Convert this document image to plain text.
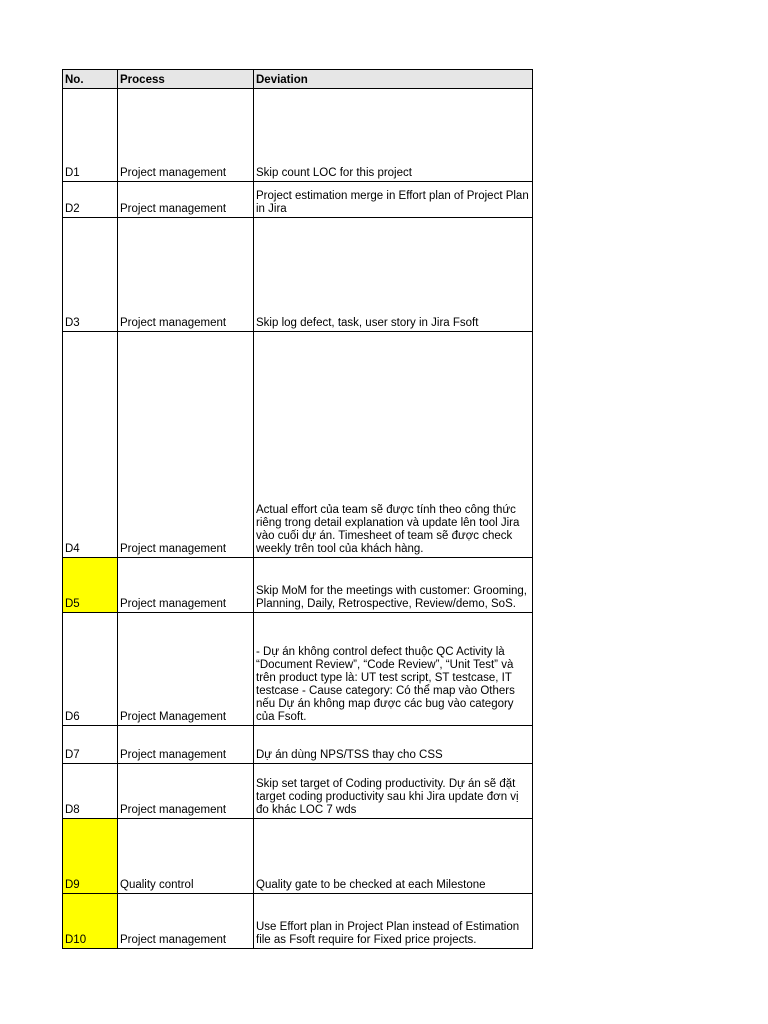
No.	Process	Deviation
D1	Project management	Skip count LOC for this project
D2	Project management	Project estimation merge in Effort plan of Project Plan in Jira
D3	Project management	Skip log defect, task, user story in Jira Fsoft
D4	Project management	Actual effort của team sẽ được tính theo công thức riêng trong detail explanation và update lên tool Jira vào cuối dự án. Timesheet of team sẽ được check weekly trên tool của khách hàng.
D5	Project management	Skip MoM for the meetings with customer: Grooming, Planning, Daily, Retrospective, Review/demo, SoS.
D6	Project Management	- Dự án không control defect thuộc QC Activity là “Document Review”, “Code Review”, “Unit Test” và trên product type là: UT test script, ST testcase, IT testcase - Cause category: Có thể map vào Others nếu Dự án không map được các bug vào category của Fsoft.
D7	Project management	Dự án dùng NPS/TSS thay cho CSS
D8	Project management	Skip set target of Coding productivity. Dự án sẽ đặt target coding productivity sau khi Jira update đơn vị đo khác LOC 7 wds
D9	Quality control	Quality gate to be checked at each Milestone
D10	Project management	Use Effort plan in Project Plan instead of Estimation file as Fsoft require for Fixed price projects.
